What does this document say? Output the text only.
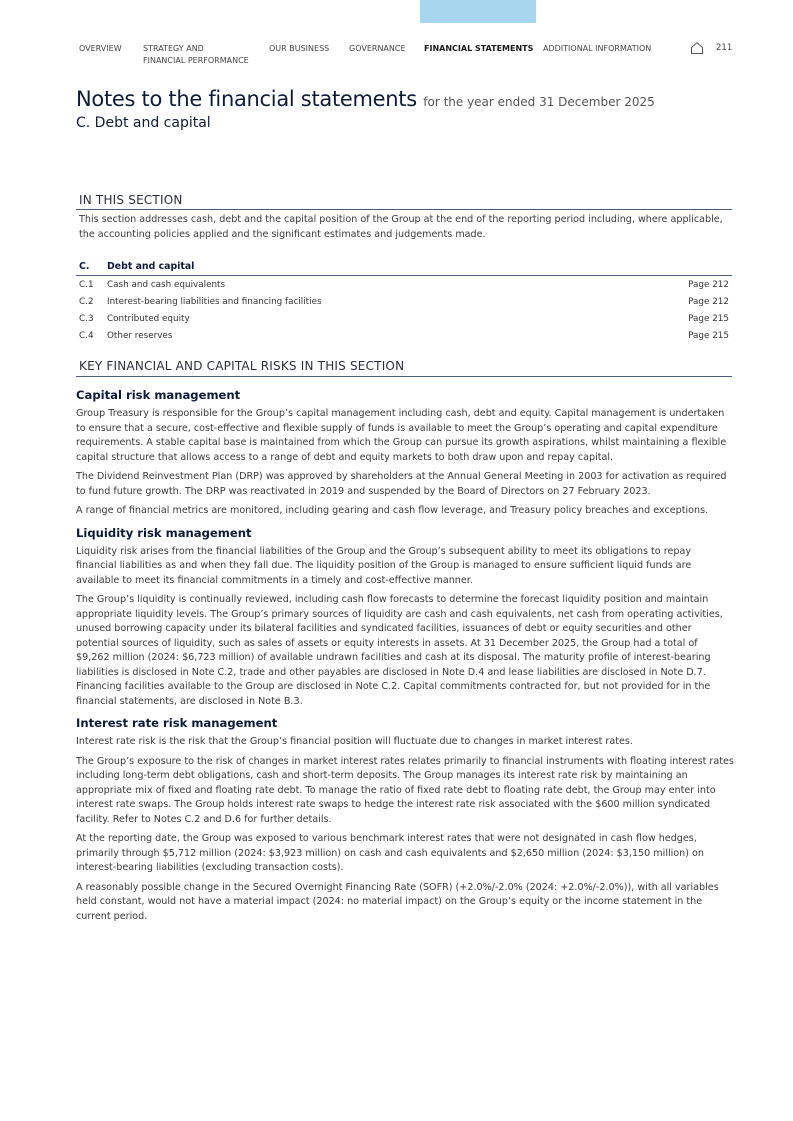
OVERVIEW	STRATEGY AND
FINANCIAL PERFORMANCE
OUR BUSINESS GOVERNANCE FINANCIAL STATEMENTS ADDITIONAL INFORMATION	211
Notes to the financial statements for the year ended 31 December 2025
C. Debt and capital
IN THIS SECTION
This section addresses cash, debt and the capital position of the Group at the end of the reporting period including, where applicable, the accounting policies applied and the significant estimates and judgements made.
C.	Debt and capital	
C.1	Cash and cash equivalents	Page 212
C.2	Interest-bearing liabilities and financing facilities	Page 212
C.3	Contributed equity	Page 215
C.4	Other reserves	Page 215
KEY FINANCIAL AND CAPITAL RISKS IN THIS SECTION
Capital risk management

Group Treasury is responsible for the Group’s capital management including cash, debt and equity. Capital management is undertaken to ensure that a secure, cost-effective and flexible supply of funds is available to meet the Group’s operating and capital expenditure requirements. A stable capital base is maintained from which the Group can pursue its growth aspirations, whilst maintaining a flexible capital structure that allows access to a range of debt and equity markets to both draw upon and repay capital.

The Dividend Reinvestment Plan (DRP) was approved by shareholders at the Annual General Meeting in 2003 for activation as required to fund future growth. The DRP was reactivated in 2019 and suspended by the Board of Directors on 27 February 2023.

A range of financial metrics are monitored, including gearing and cash flow leverage, and Treasury policy breaches and exceptions.

Liquidity risk management

Liquidity risk arises from the financial liabilities of the Group and the Group’s subsequent ability to meet its obligations to repay financial liabilities as and when they fall due. The liquidity position of the Group is managed to ensure sufficient liquid funds are available to meet its financial commitments in a timely and cost-effective manner.

The Group’s liquidity is continually reviewed, including cash flow forecasts to determine the forecast liquidity position and maintain appropriate liquidity levels. The Group’s primary sources of liquidity are cash and cash equivalents, net cash from operating activities, unused borrowing capacity under its bilateral facilities and syndicated facilities, issuances of debt or equity securities and other potential sources of liquidity, such as sales of assets or equity interests in assets. At 31 December 2025, the Group had a total of $9,262 million (2024: $6,723 million) of available undrawn facilities and cash at its disposal. The maturity profile of interest-bearing liabilities is disclosed in Note C.2, trade and other payables are disclosed in Note D.4 and lease liabilities are disclosed in Note D.7. Financing facilities available to the Group are disclosed in Note C.2. Capital commitments contracted for, but not provided for in the financial statements, are disclosed in Note B.3.

Interest rate risk management

Interest rate risk is the risk that the Group’s financial position will fluctuate due to changes in market interest rates.

The Group’s exposure to the risk of changes in market interest rates relates primarily to financial instruments with floating interest rates including long-term debt obligations, cash and short-term deposits. The Group manages its interest rate risk by maintaining an appropriate mix of fixed and floating rate debt. To manage the ratio of fixed rate debt to floating rate debt, the Group may enter into interest rate swaps. The Group holds interest rate swaps to hedge the interest rate risk associated with the $600 million syndicated facility. Refer to Notes C.2 and D.6 for further details.

At the reporting date, the Group was exposed to various benchmark interest rates that were not designated in cash flow hedges, primarily through $5,712 million (2024: $3,923 million) on cash and cash equivalents and $2,650 million (2024: $3,150 million) on interest-bearing liabilities (excluding transaction costs).

A reasonably possible change in the Secured Overnight Financing Rate (SOFR) (+2.0%/-2.0% (2024: +2.0%/-2.0%)), with all variables held constant, would not have a material impact (2024: no material impact) on the Group’s equity or the income statement in the current period.
